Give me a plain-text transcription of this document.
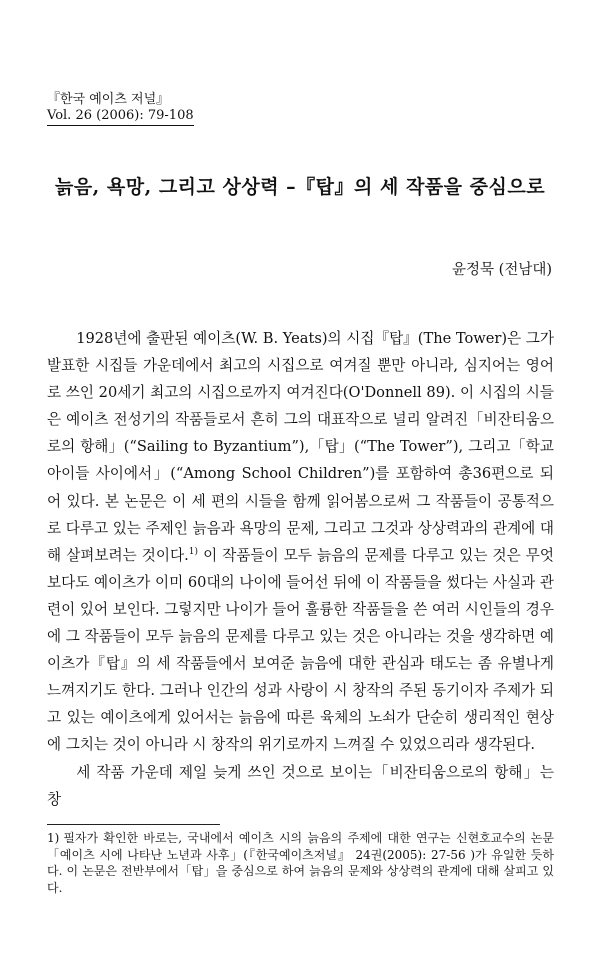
『한국 예이츠 저널』
Vol. 26 (2006): 79-108
늙음, 욕망, 그리고 상상력 –『탑』의 세 작품을 중심으로
윤정묵 (전남대)

1928년에 출판된 예이츠(W. B. Yeats)의 시집『탑』(The Tower)은 그가 발표한 시집들 가운데에서 최고의 시집으로 여겨질 뿐만 아니라, 심지어는 영어로 쓰인 20세기 최고의 시집으로까지 여겨진다(O'Donnell 89). 이 시집의 시들은 예이츠 전성기의 작품들로서 흔히 그의 대표작으로 널리 알려진「비잔티움으로의 항해」(“Sailing to Byzantium”),「탑」(“The Tower”), 그리고「학교 아이들 사이에서」(“Among School Children”)를 포함하여 총36편으로 되어 있다. 본 논문은 이 세 편의 시들을 함께 읽어봄으로써 그 작품들이 공통적으로 다루고 있는 주제인 늙음과 욕망의 문제, 그리고 그것과 상상력과의 관계에 대해 살펴보려는 것이다.$^{1)}$ 이 작품들이 모두 늙음의 문제를 다루고 있는 것은 무엇보다도 예이츠가 이미 60대의 나이에 들어선 뒤에 이 작품들을 썼다는 사실과 관련이 있어 보인다. 그렇지만 나이가 들어 훌륭한 작품들을 쓴 여러 시인들의 경우에 그 작품들이 모두 늙음의 문제를 다루고 있는 것은 아니라는 것을 생각하면 예이츠가『탑』의 세 작품들에서 보여준 늙음에 대한 관심과 태도는 좀 유별나게 느껴지기도 한다. 그러나 인간의 성과 사랑이 시 창작의 주된 동기이자 주제가 되고 있는 예이츠에게 있어서는 늙음에 따른 육체의 노쇠가 단순히 생리적인 현상에 그치는 것이 아니라 시 창작의 위기로까지 느껴질 수 있었으리라 생각된다.

세 작품 가운데 제일 늦게 쓰인 것으로 보이는「비잔티움으로의 항해」는 창

1) 필자가 확인한 바로는, 국내에서 예이츠 시의 늙음의 주제에 대한 연구는 신현호교수의 논문「예이츠 시에 나타난 노년과 사후」(『한국예이츠저널』 24권(2005): 27-56 )가 유일한 듯하다. 이 논문은 전반부에서「탑」을 중심으로 하여 늙음의 문제와 상상력의 관계에 대해 살피고 있다.
